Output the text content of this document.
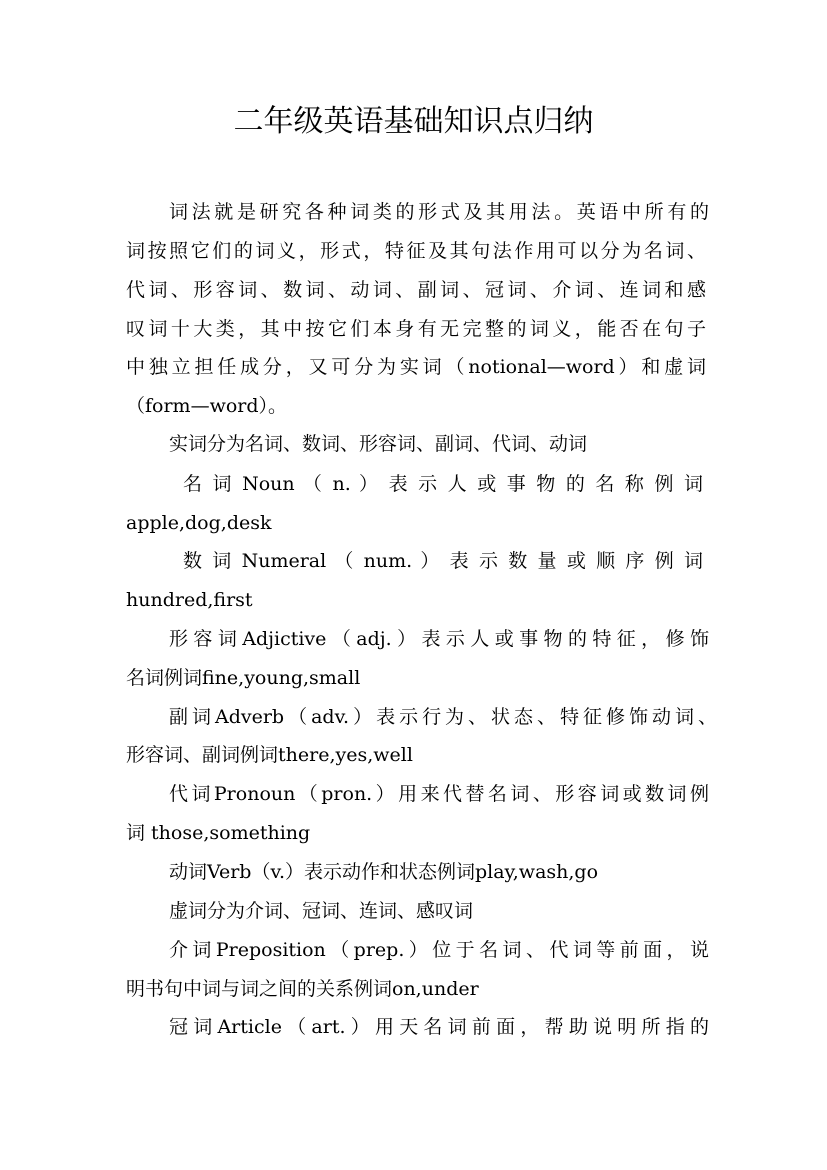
二年级英语基础知识点归纳
词法就是研究各种词类的形式及其用法。英语中所有的
词按照它们的词义，形式，特征及其句法作用可以分为名词、
代词、形容词、数词、动词、副词、冠词、介词、连词和感
叹词十大类，其中按它们本身有无完整的词义，能否在句子
中独立担任成分，又可分为实词（notional—word）和虚词
（form—word）。
实词分为名词、数词、形容词、副词、代词、动词
名 词 Noun （ n. ） 表 示 人 或 事 物 的 名 称 例 词
apple,dog,desk
数 词 Numeral （ num. ） 表 示 数 量 或 顺 序 例 词
hundred,first
形容词Adjictive（adj.）表示人或事物的特征，修饰
名词例词fine,young,small
副词Adverb（adv.）表示行为、状态、特征修饰动词、
形容词、副词例词there,yes,well
代词Pronoun（pron.）用来代替名词、形容词或数词例
词 those,something
动词Verb（v.）表示动作和状态例词play,wash,go
虚词分为介词、冠词、连词、感叹词
介词Preposition（prep.）位于名词、代词等前面，说
明书句中词与词之间的关系例词on,under
冠词Article（art.）用天名词前面，帮助说明所指的
